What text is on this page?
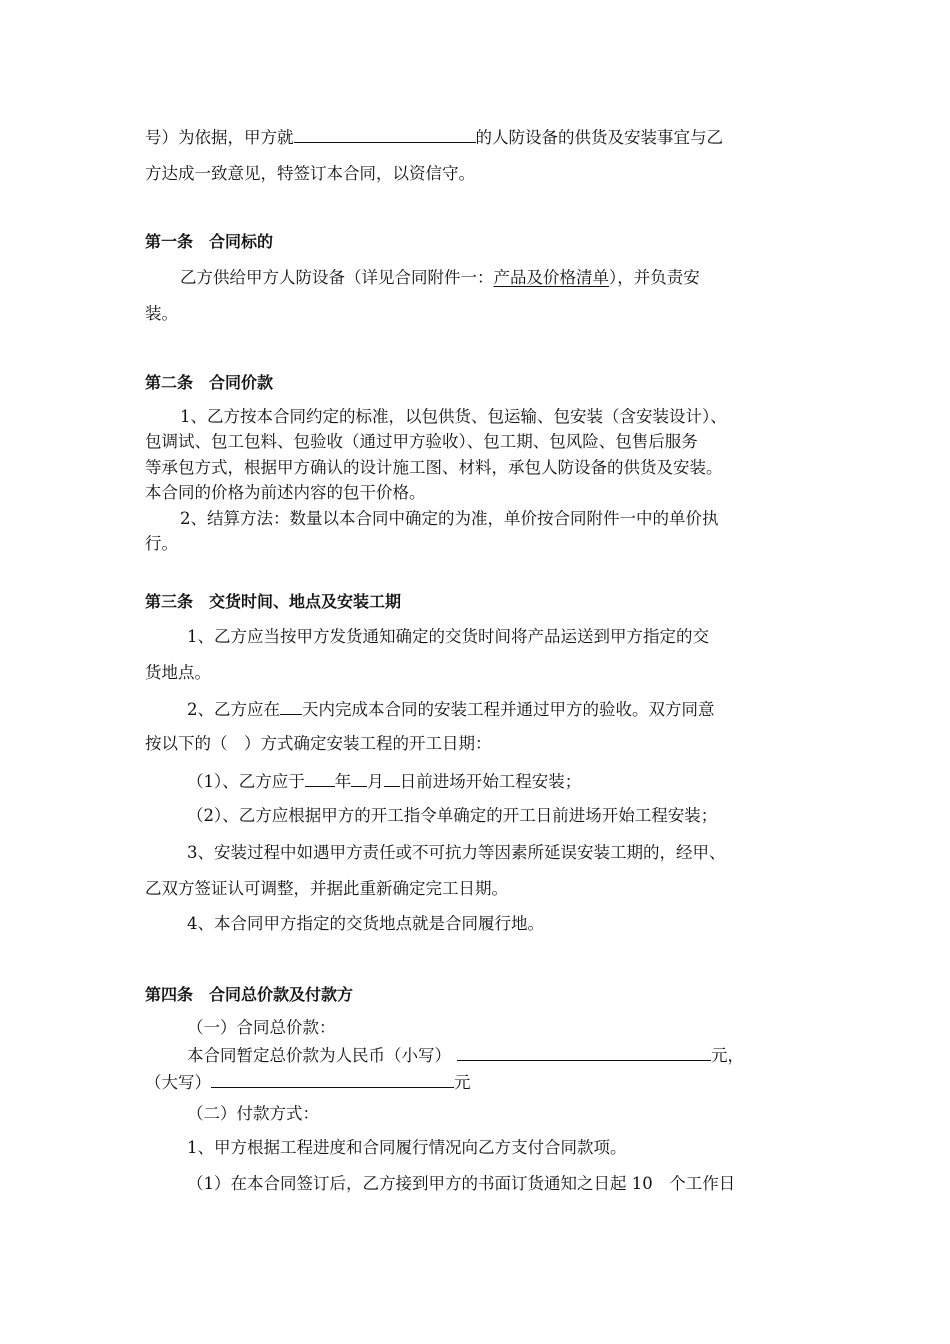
号）为依据，甲方就	的人防设备的供货及安装事宜与乙
方达成一致意见，特签订本合同，以资信守。
第一条　合同标的
乙方供给甲方人防设备（详见合同附件一：产品及价格清单），并负责安
装。
第二条　合同价款
1、乙方按本合同约定的标准，以包供货、包运输、包安装（含安装设计）、
包调试、包工包料、包验收（通过甲方验收）、包工期、包风险、包售后服务
等承包方式，根据甲方确认的设计施工图、材料，承包人防设备的供货及安装。
本合同的价格为前述内容的包干价格。
2、结算方法：数量以本合同中确定的为准，单价按合同附件一中的单价执
行。
第三条　交货时间、地点及安装工期
1、乙方应当按甲方发货通知确定的交货时间将产品运送到甲方指定的交
货地点。
2、乙方应在 天内完成本合同的安装工程并通过甲方的验收。双方同意
按以下的（　）方式确定安装工程的开工日期：
（1）、乙方应于 年 月 日前进场开始工程安装；
（2）、乙方应根据甲方的开工指令单确定的开工日前进场开始工程安装；
3、安装过程中如遇甲方责任或不可抗力等因素所延误安装工期的，经甲、
乙双方签证认可调整，并据此重新确定完工日期。
4、本合同甲方指定的交货地点就是合同履行地。
第四条　合同总价款及付款方
（一）合同总价款：
本合同暂定总价款为人民币（小写）	元，
（大写）	元
（二）付款方式：
1、甲方根据工程进度和合同履行情况向乙方支付合同款项。
（1）在本合同签订后，乙方接到甲方的书面订货通知之日起 10　个工作日
